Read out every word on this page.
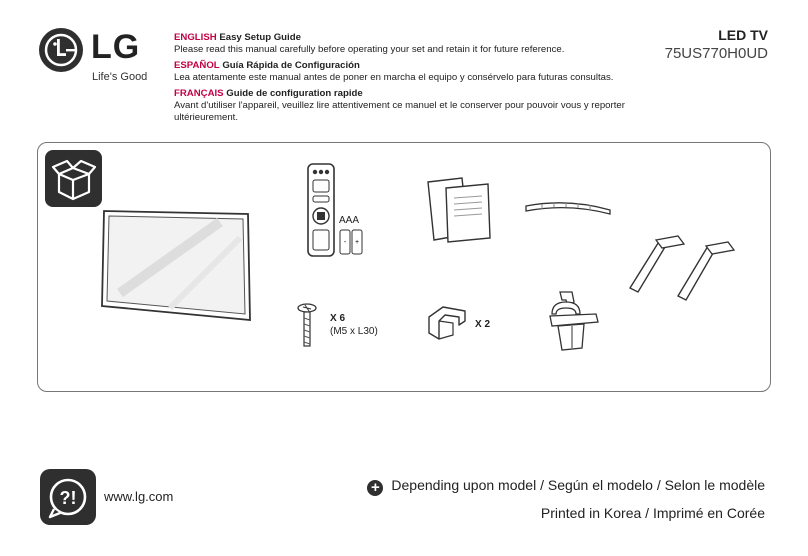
LG
Life's Good
ENGLISH Easy Setup Guide
Please read this manual carefully before operating your set and retain it for future reference.
ESPAÑOL Guía Rápida de Configuración
Lea atentamente este manual antes de poner en marcha el equipo y consérvelo para futuras consultas.
FRANÇAIS Guide de configuration rapide
Avant d'utiliser l'appareil, veuillez lire attentivement ce manuel et le conserver pour pouvoir vous y reporter ultérieurement.
LED TV
75US770H0UD
- +
AAA
X 6
(M5 x L30)
X 2
?! www.lg.com
+ Depending upon model / Según el modelo / Selon le modèle
Printed in Korea / Imprimé en Corée
